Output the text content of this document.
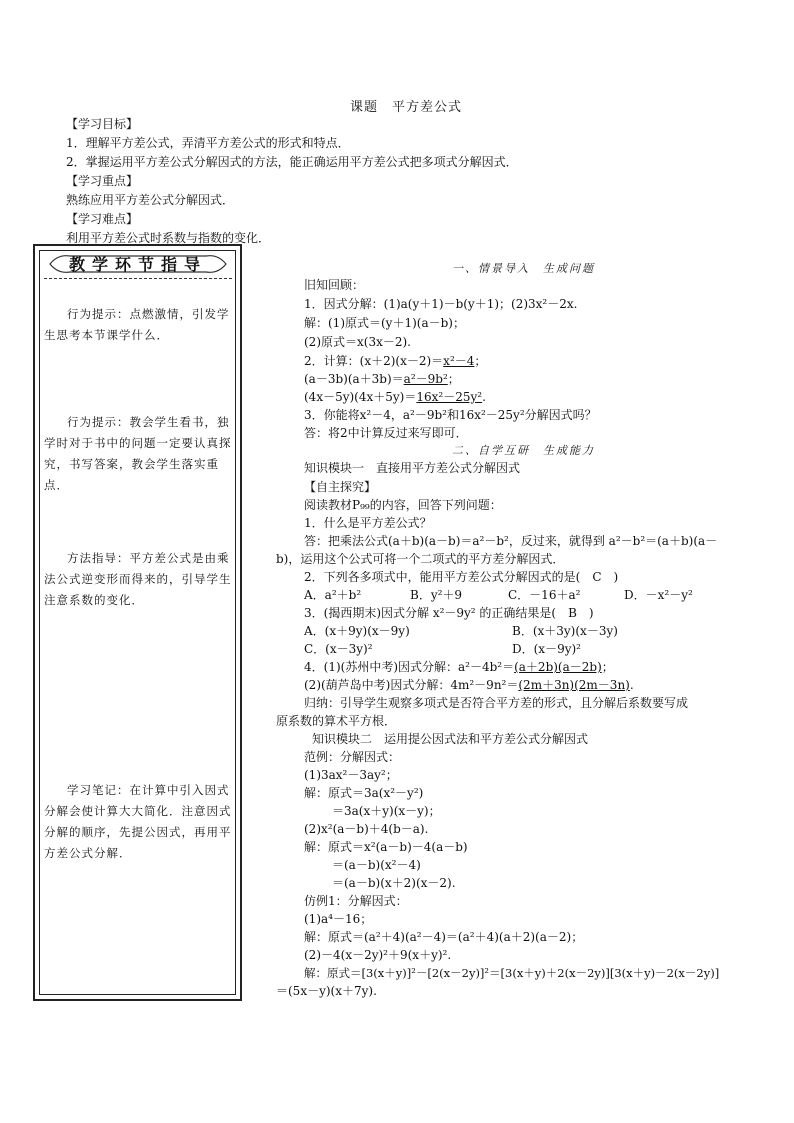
课题　平方差公式
【学习目标】
1．理解平方差公式，弄清平方差公式的形式和特点．
2．掌握运用平方差公式分解因式的方法，能正确运用平方差公式把多项式分解因式．
【学习重点】
熟练应用平方差公式分解因式．
【学习难点】
利用平方差公式时系数与指数的变化．
教学环节指导
行为提示：点燃激情，引发学生思考本节课学什么．
行为提示：教会学生看书，独学时对于书中的问题一定要认真探究，书写答案，教会学生落实重点．
方法指导：平方差公式是由乘法公式逆变形而得来的，引导学生注意系数的变化．
学习笔记：在计算中引入因式分解会使计算大大简化．注意因式分解的顺序，先提公因式，再用平方差公式分解．
一、情景导入　生成问题
旧知回顾：
1．因式分解：(1)a(y＋1)－b(y＋1)；(2)3x²－2x.
解：(1)原式＝(y＋1)(a－b)；
(2)原式＝x(3x－2).
2．计算：(x＋2)(x－2)＝x²－4；
(a－3b)(a＋3b)＝a²－9b²；
(4x－5y)(4x＋5y)＝16x²－25y².
3．你能将x²－4，a²－9b²和16x²－25y²分解因式吗？
答：将2中计算反过来写即可．
二、自学互研　生成能力
知识模块一　直接用平方差公式分解因式
【自主探究】
阅读教材P₉₉的内容，回答下列问题：
1．什么是平方差公式？
答：把乘法公式(a＋b)(a－b)＝a²－b²，反过来，就得到 a²－b²＝(a＋b)(a－
b)，运用这个公式可将一个二项式的平方差分解因式．
2．下列各多项式中，能用平方差公式分解因式的是(　C　)
A．a²＋b²	B．y²＋9	C．－16＋a²	D．－x²－y²
3．(揭西期末)因式分解 x²－9y² 的正确结果是(　B　)
A．(x＋9y)(x－9y)	B．(x＋3y)(x－3y)
C．(x－3y)²	D．(x－9y)²
4．(1)(苏州中考)因式分解：a²－4b²＝(a＋2b)(a－2b)；
(2)(葫芦岛中考)因式分解：4m²－9n²＝(2m＋3n)(2m－3n).
归纳：引导学生观察多项式是否符合平方差的形式，且分解后系数要写成
原系数的算术平方根．
知识模块二　运用提公因式法和平方差公式分解因式
范例：分解因式：
(1)3ax²－3ay²；
解：原式＝3a(x²－y²)
＝3a(x＋y)(x－y)；
(2)x²(a－b)＋4(b－a).
解：原式＝x²(a－b)－4(a－b)
＝(a－b)(x²－4)
＝(a－b)(x＋2)(x－2).
仿例1：分解因式：
(1)a⁴－16；
解：原式＝(a²＋4)(a²－4)＝(a²＋4)(a＋2)(a－2)；
(2)－4(x－2y)²＋9(x＋y)².
解：原式＝[3(x＋y)]²－[2(x－2y)]²＝[3(x＋y)＋2(x－2y)][3(x＋y)－2(x－2y)]
＝(5x－y)(x＋7y).
